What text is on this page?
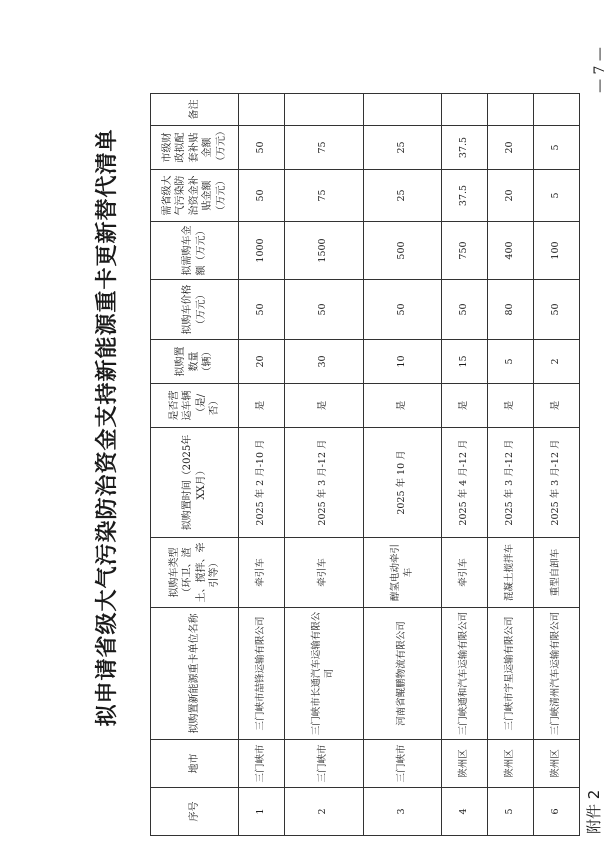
附件 2
拟申请省级大气污染防治资金支持新能源重卡更新替代清单
序号	地市	拟购置新能源重卡单位名称	拟购车类型（环卫、渣土、搅拌、牵引等）	拟购置时间（2025年XX月）	是否营运车辆（是/否）	拟购置数量（辆）	拟购车价格（万元）	拟需购车金额（万元）	需省级大气污染防治资金补贴金额（万元）	市级财政拟配套补贴金额（万元）	备注
1	三门峡市	三门峡市喆锋运输有限公司	牵引车	2025 年 2 月-10 月	是	20	50	1000	50	50	
2	三门峡市	三门峡市长通汽车运输有限公司	牵引车	2025 年 3 月-12 月	是	30	50	1500	75	75	
3	三门峡市	河南省鲲鹏物流有限公司	醇氢电动牵引车	2025 年 10 月	是	10	50	500	25	25	
4	陕州区	三门峡通和汽车运输有限公司	牵引车	2025 年 4 月-12 月	是	15	50	750	37.5	37.5	
5	陕州区	三门峡市宇星运输有限公司	混凝土搅拌车	2025 年 3 月-12 月	是	5	80	400	20	20	
6	陕州区	三门峡清州汽车运输有限公司	重型自卸车	2025 年 3 月-12 月	是	2	50	100	5	5	
— 7 —
